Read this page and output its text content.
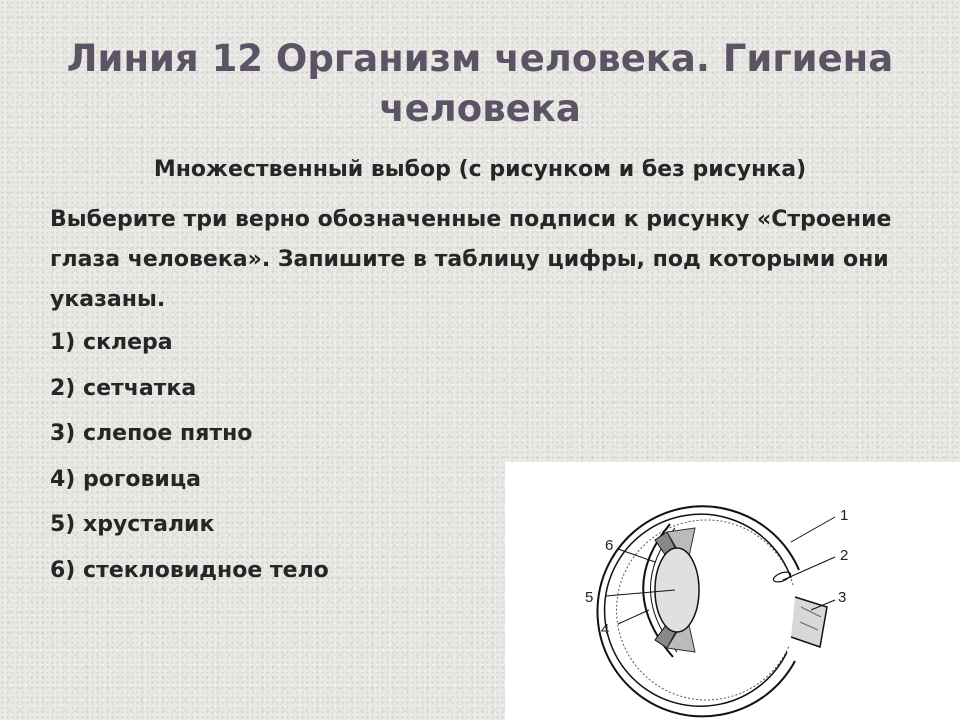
Линия 12 Организм человека. Гигиена человека
Множественный выбор (с рисунком и без рисунка)
Выберите три верно обозначенные подписи к рисунку «Строение глаза человека». Запишите в таблицу цифры, под которыми они указаны.
1) склера
2) сетчатка
3) слепое пятно
4) роговица
5) хрусталик
6) стекловидное тело
1
2
3
4
5
6
